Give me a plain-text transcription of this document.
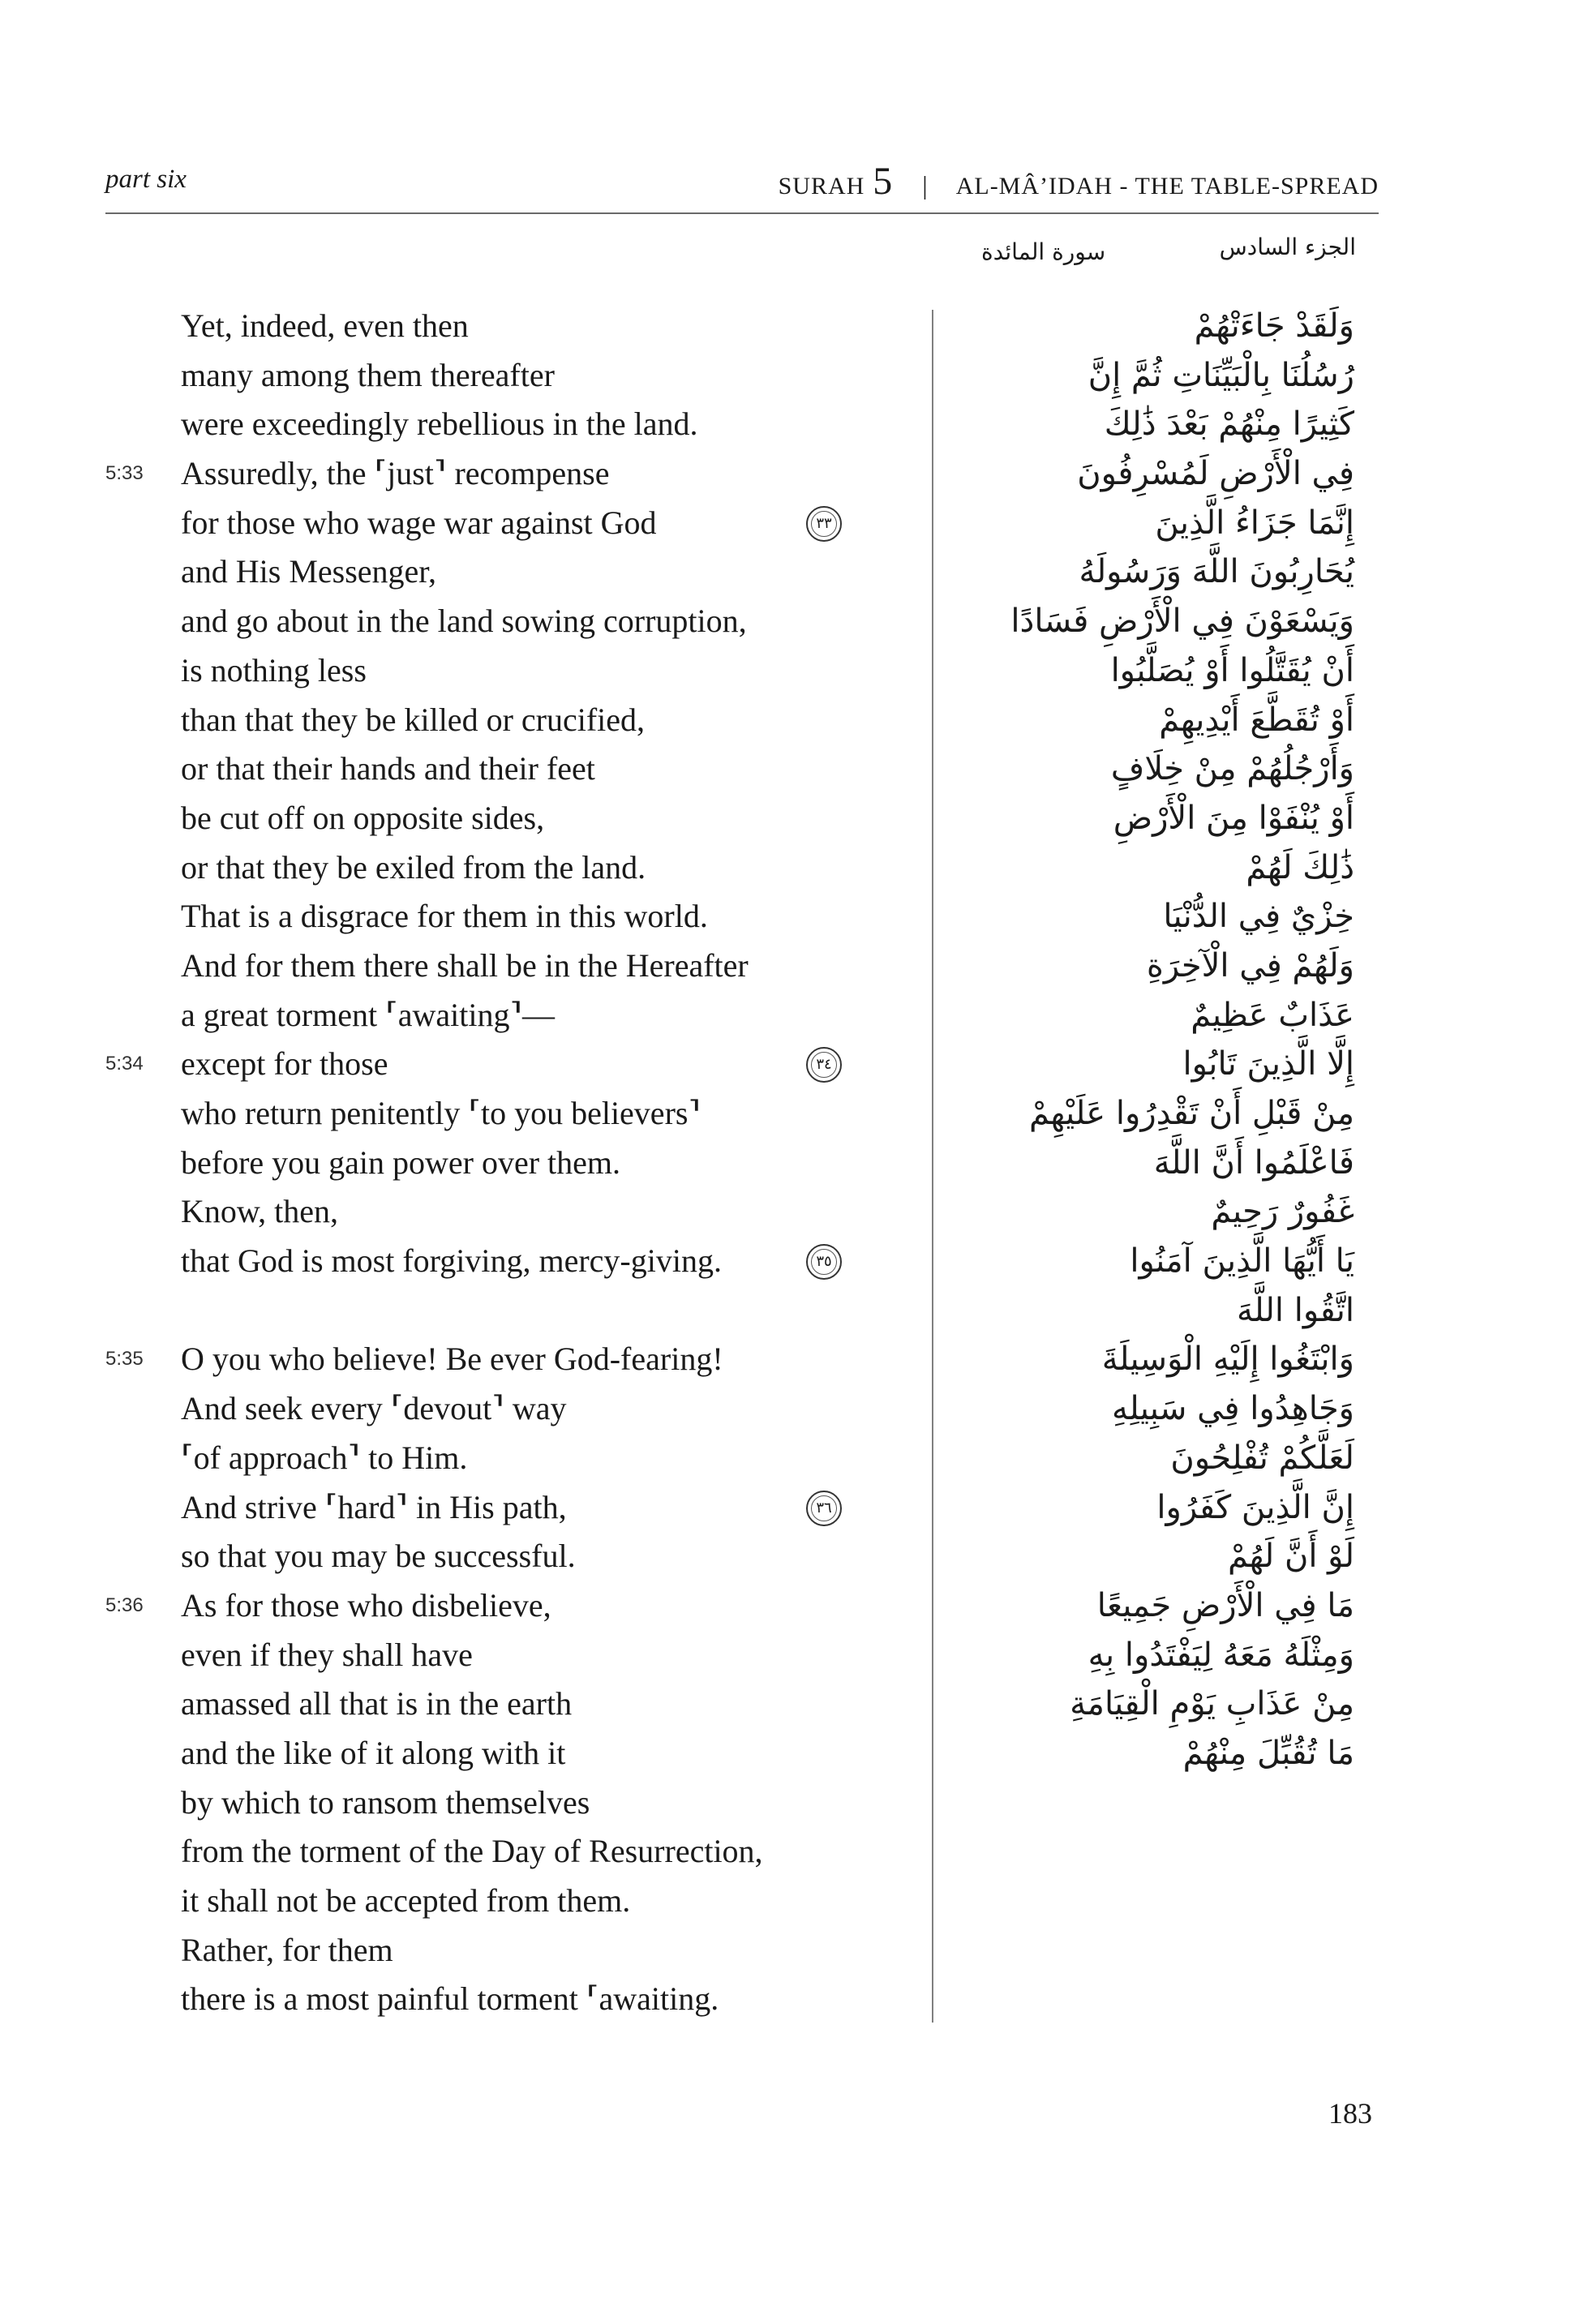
part six	SURAH 5 | AL-MÂ’IDAH - THE TABLE-SPREAD
سورة المائدة	الجزء السادس
Yet, indeed, even then
many among them thereafter
were exceedingly rebellious in the land.
5:33 Assuredly, the ⸢just⸣ recompense
for those who wage war against God
and His Messenger,
and go about in the land sowing corruption,
is nothing less
than that they be killed or crucified,
or that their hands and their feet
be cut off on opposite sides,
or that they be exiled from the land.
That is a disgrace for them in this world.
And for them there shall be in the Hereafter
a great torment ⸢awaiting⸣—
5:34 except for those
who return penitently ⸢to you believers⸣
before you gain power over them.
Know, then,
that God is most forgiving, mercy-giving.
5:35 O you who believe! Be ever God-fearing!
And seek every ⸢devout⸣ way
⸢of approach⸣ to Him.
And strive ⸢hard⸣ in His path,
so that you may be successful.
5:36 As for those who disbelieve,
even if they shall have
amassed all that is in the earth
and the like of it along with it
by which to ransom themselves
from the torment of the Day of Resurrection,
it shall not be accepted from them.
Rather, for them
there is a most painful torment ⸢awaiting.
وَلَقَدْ جَاءَتْهُمْ
رُسُلُنَا بِالْبَيِّنَاتِ ثُمَّ إِنَّ
كَثِيرًا مِنْهُمْ بَعْدَ ذَٰلِكَ
فِي الْأَرْضِ لَمُسْرِفُونَ
إِنَّمَا جَزَاءُ الَّذِينَ
٣٣
يُحَارِبُونَ اللَّهَ وَرَسُولَهُ
وَيَسْعَوْنَ فِي الْأَرْضِ فَسَادًا
أَنْ يُقَتَّلُوا أَوْ يُصَلَّبُوا
أَوْ تُقَطَّعَ أَيْدِيهِمْ
وَأَرْجُلُهُمْ مِنْ خِلَافٍ
أَوْ يُنْفَوْا مِنَ الْأَرْضِ
ذَٰلِكَ لَهُمْ
خِزْيٌ فِي الدُّنْيَا
وَلَهُمْ فِي الْآخِرَةِ
عَذَابٌ عَظِيمٌ
إِلَّا الَّذِينَ تَابُوا
٣٤
مِنْ قَبْلِ أَنْ تَقْدِرُوا عَلَيْهِمْ
فَاعْلَمُوا أَنَّ اللَّهَ
غَفُورٌ رَحِيمٌ
يَا أَيُّهَا الَّذِينَ آمَنُوا
٣٥
اتَّقُوا اللَّهَ
وَابْتَغُوا إِلَيْهِ الْوَسِيلَةَ
وَجَاهِدُوا فِي سَبِيلِهِ
لَعَلَّكُمْ تُفْلِحُونَ
إِنَّ الَّذِينَ كَفَرُوا
٣٦
لَوْ أَنَّ لَهُمْ
مَا فِي الْأَرْضِ جَمِيعًا
وَمِثْلَهُ مَعَهُ لِيَفْتَدُوا بِهِ
مِنْ عَذَابِ يَوْمِ الْقِيَامَةِ
مَا تُقُبِّلَ مِنْهُمْ
183
